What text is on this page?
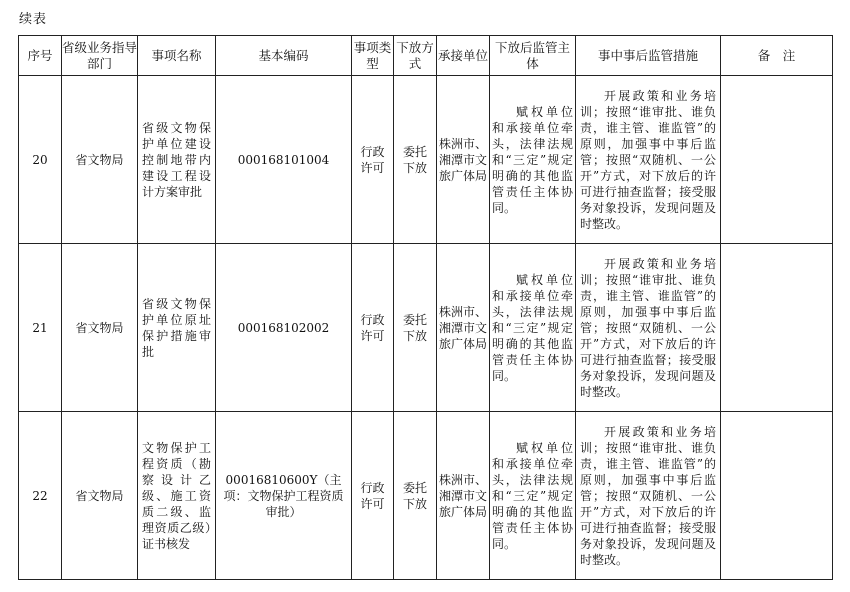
续表
序号	省级业务指导部门	事项名称	基本编码	事项类型	下放方式	承接单位	下放后监管主体	事中事后监管措施	备　注
20	省文物局	省级文物保护单位建设控制地带内建设工程设计方案审批	000168101004	行政许可	委托下放	株洲市、湘潭市文旅广体局	赋权单位和承接单位牵头，法律法规和“三定”规定明确的其他监管责任主体协同。	开展政策和业务培训；按照“谁审批、谁负责，谁主管、谁监管”的原则，加强事中事后监管；按照“双随机、一公开”方式，对下放后的许可进行抽查监督；接受服务对象投诉，发现问题及时整改。	
21	省文物局	省级文物保护单位原址保护措施审批	000168102002	行政许可	委托下放	株洲市、湘潭市文旅广体局	赋权单位和承接单位牵头，法律法规和“三定”规定明确的其他监管责任主体协同。	开展政策和业务培训；按照“谁审批、谁负责，谁主管、谁监管”的原则，加强事中事后监管；按照“双随机、一公开”方式，对下放后的许可进行抽查监督；接受服务对象投诉，发现问题及时整改。	
22	省文物局	文物保护工程资质（勘察设计乙级、施工资质二级、监理资质乙级）证书核发	00016810600Y（主项：文物保护工程资质审批）	行政许可	委托下放	株洲市、湘潭市文旅广体局	赋权单位和承接单位牵头，法律法规和“三定”规定明确的其他监管责任主体协同。	开展政策和业务培训；按照“谁审批、谁负责，谁主管、谁监管”的原则，加强事中事后监管；按照“双随机、一公开”方式，对下放后的许可进行抽查监督；接受服务对象投诉，发现问题及时整改。	
